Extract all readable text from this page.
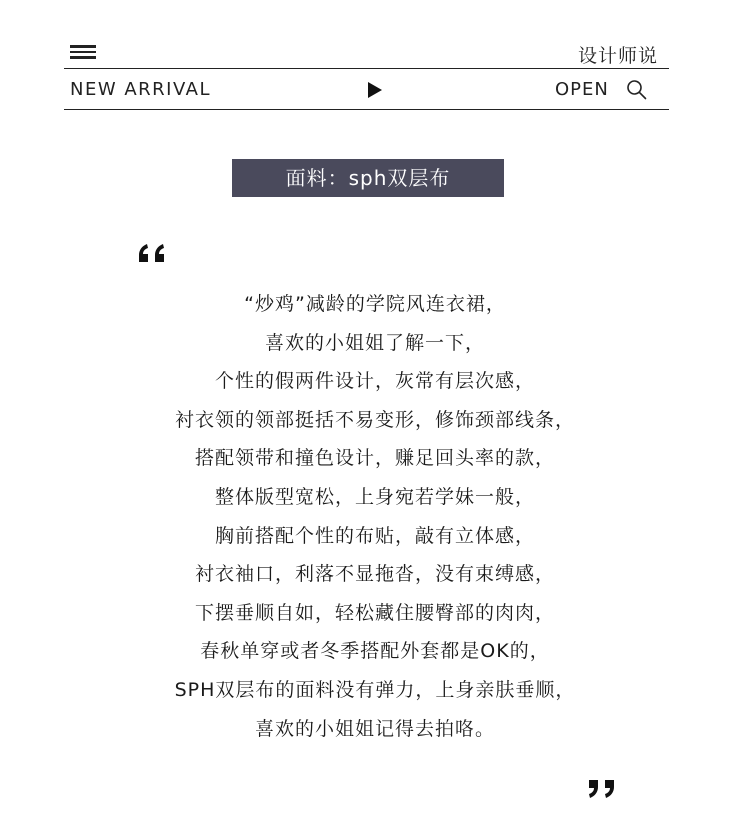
设计师说
NEW ARRIVAL	OPEN
面料：sph双层布
“炒鸡”减龄的学院风连衣裙，
喜欢的小姐姐了解一下，
个性的假两件设计，灰常有层次感，
衬衣领的领部挺括不易变形，修饰颈部线条，
搭配领带和撞色设计，赚足回头率的款，
整体版型宽松，上身宛若学妹一般，
胸前搭配个性的布贴，敲有立体感，
衬衣袖口，利落不显拖沓，没有束缚感，
下摆垂顺自如，轻松藏住腰臀部的肉肉，
春秋单穿或者冬季搭配外套都是OK的，
SPH双层布的面料没有弹力，上身亲肤垂顺，
喜欢的小姐姐记得去拍咯。
